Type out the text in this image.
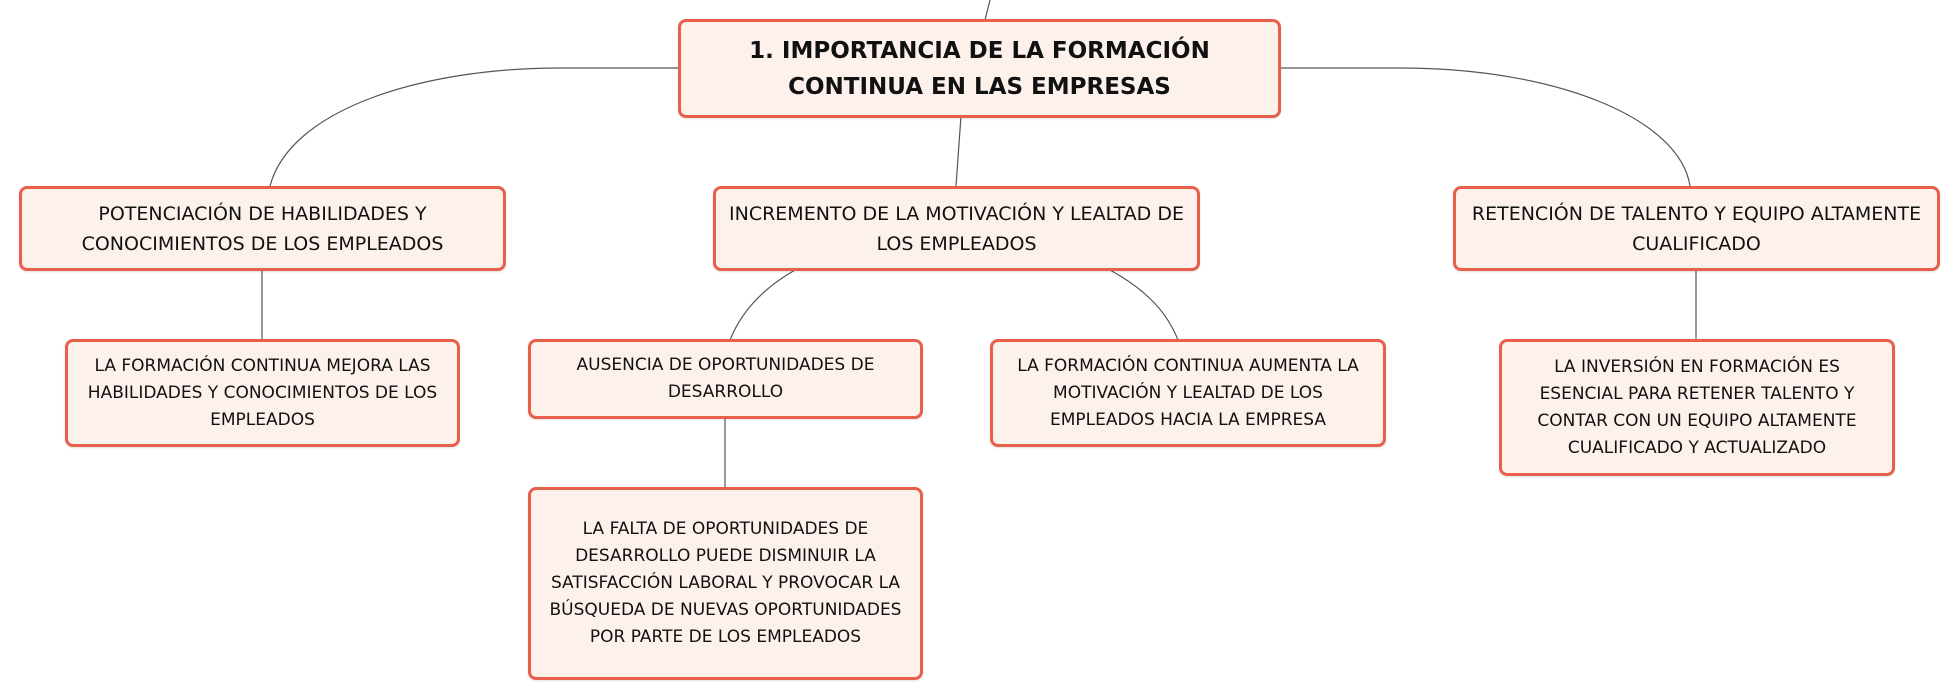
1. IMPORTANCIA DE LA FORMACIÓN CONTINUA EN LAS EMPRESAS
POTENCIACIÓN DE HABILIDADES Y CONOCIMIENTOS DE LOS EMPLEADOS
INCREMENTO DE LA MOTIVACIÓN Y LEALTAD DE LOS EMPLEADOS
RETENCIÓN DE TALENTO Y EQUIPO ALTAMENTE CUALIFICADO
LA FORMACIÓN CONTINUA MEJORA LAS HABILIDADES Y CONOCIMIENTOS DE LOS EMPLEADOS
AUSENCIA DE OPORTUNIDADES DE DESARROLLO
LA FORMACIÓN CONTINUA AUMENTA LA MOTIVACIÓN Y LEALTAD DE LOS EMPLEADOS HACIA LA EMPRESA
LA INVERSIÓN EN FORMACIÓN ES ESENCIAL PARA RETENER TALENTO Y CONTAR CON UN EQUIPO ALTAMENTE CUALIFICADO Y ACTUALIZADO
LA FALTA DE OPORTUNIDADES DE DESARROLLO PUEDE DISMINUIR LA SATISFACCIÓN LABORAL Y PROVOCAR LA BÚSQUEDA DE NUEVAS OPORTUNIDADES POR PARTE DE LOS EMPLEADOS
